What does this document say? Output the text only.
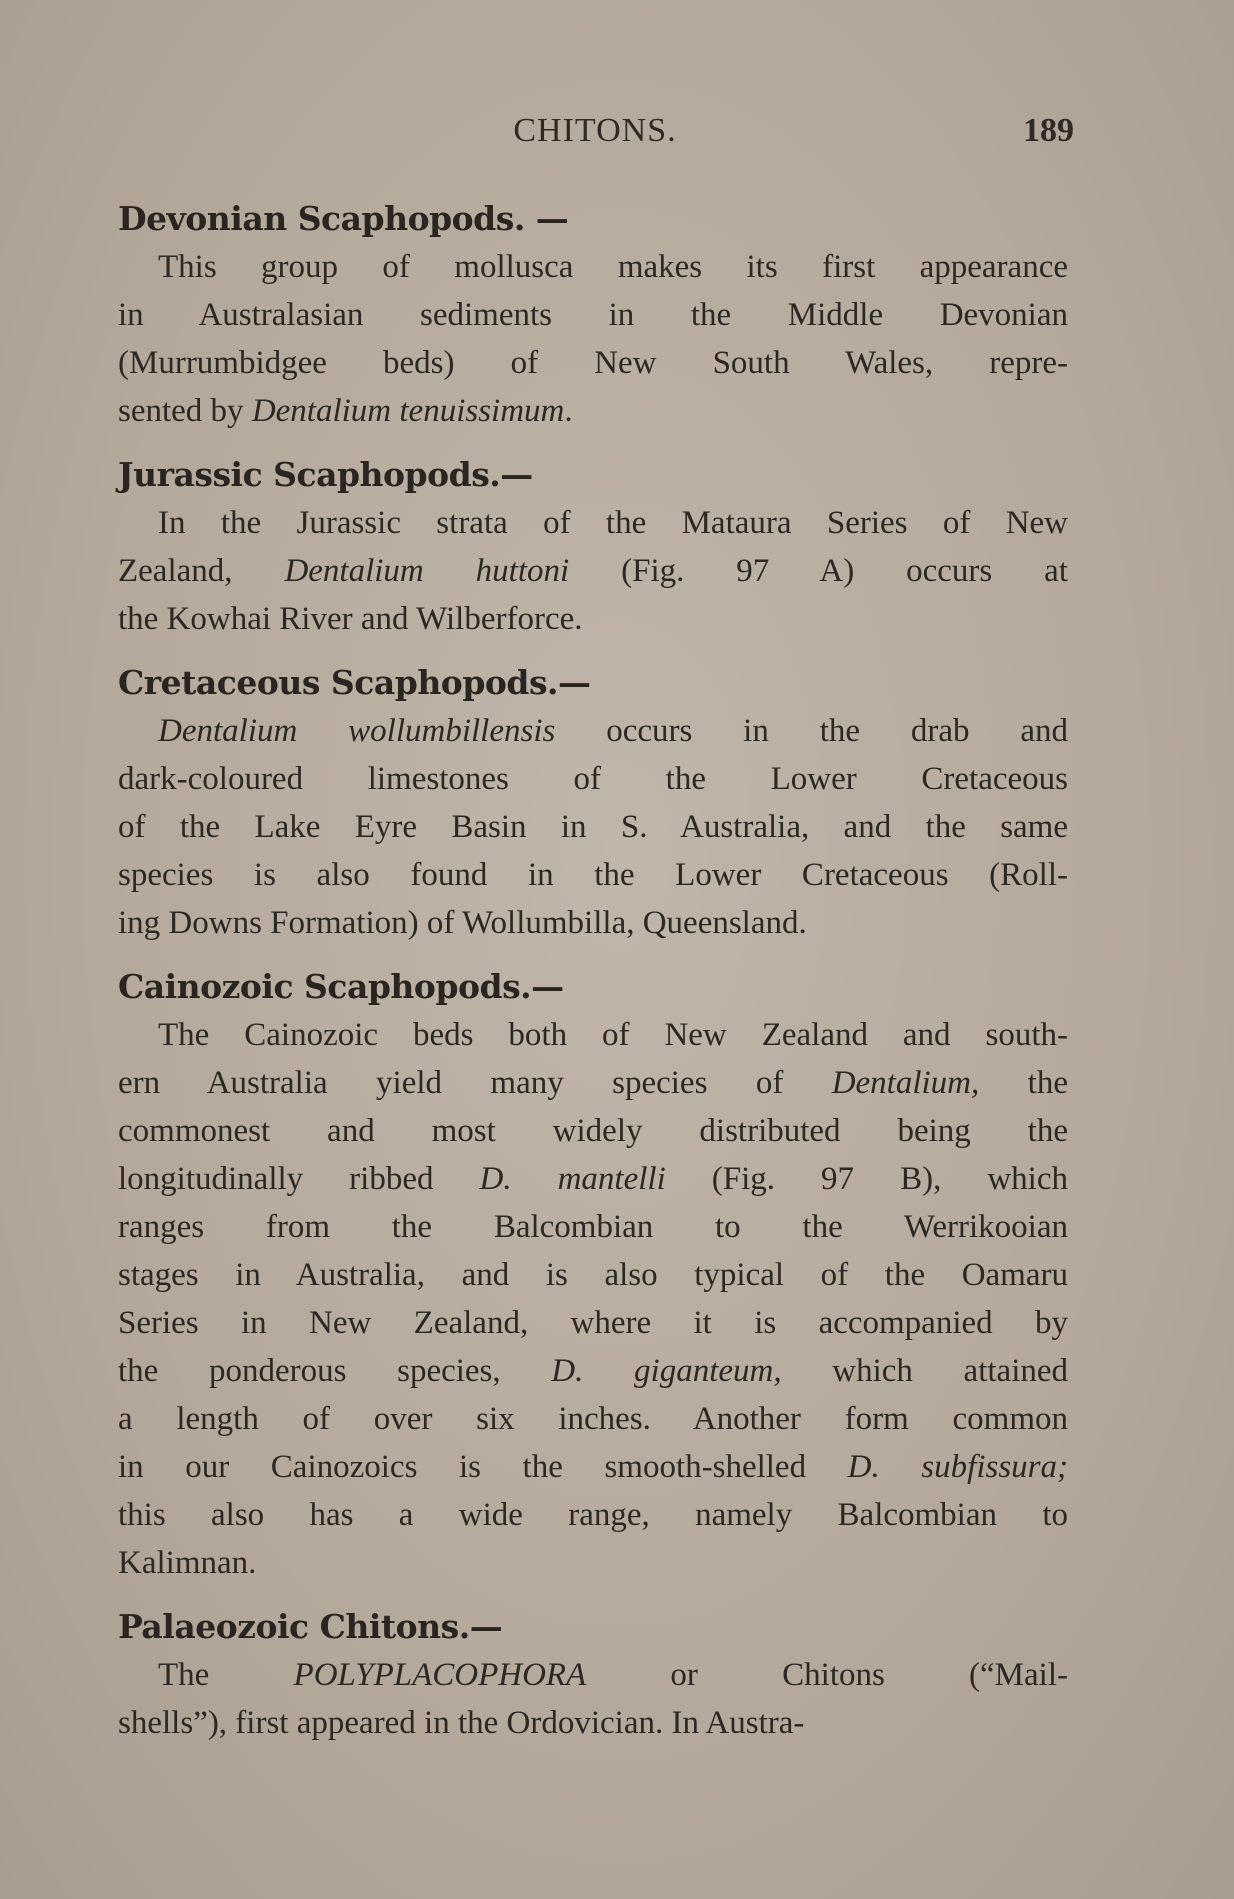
CHITONS.	189
Devonian Scaphopods. —
This group of mollusca makes its first appearance
in Australasian sediments in the Middle Devonian
(Murrumbidgee beds) of New South Wales, repre-
sented by Dentalium tenuissimum.
Jurassic Scaphopods.—
In the Jurassic strata of the Mataura Series of New
Zealand, Dentalium huttoni (Fig. 97 A) occurs at
the Kowhai River and Wilberforce.
Cretaceous Scaphopods.—
Dentalium wollumbillensis occurs in the drab and
dark-coloured limestones of the Lower Cretaceous
of the Lake Eyre Basin in S. Australia, and the same
species is also found in the Lower Cretaceous (Roll-
ing Downs Formation) of Wollumbilla, Queensland.
Cainozoic Scaphopods.—
The Cainozoic beds both of New Zealand and south-
ern Australia yield many species of Dentalium, the
commonest and most widely distributed being the
longitudinally ribbed D. mantelli (Fig. 97 B), which
ranges from the Balcombian to the Werrikooian
stages in Australia, and is also typical of the Oamaru
Series in New Zealand, where it is accompanied by
the ponderous species, D. giganteum, which attained
a length of over six inches. Another form common
in our Cainozoics is the smooth-shelled D. subfissura;
this also has a wide range, namely Balcombian to
Kalimnan.
Palaeozoic Chitons.—
The POLYPLACOPHORA or Chitons (“Mail-
shells”), first appeared in the Ordovician. In Austra-
